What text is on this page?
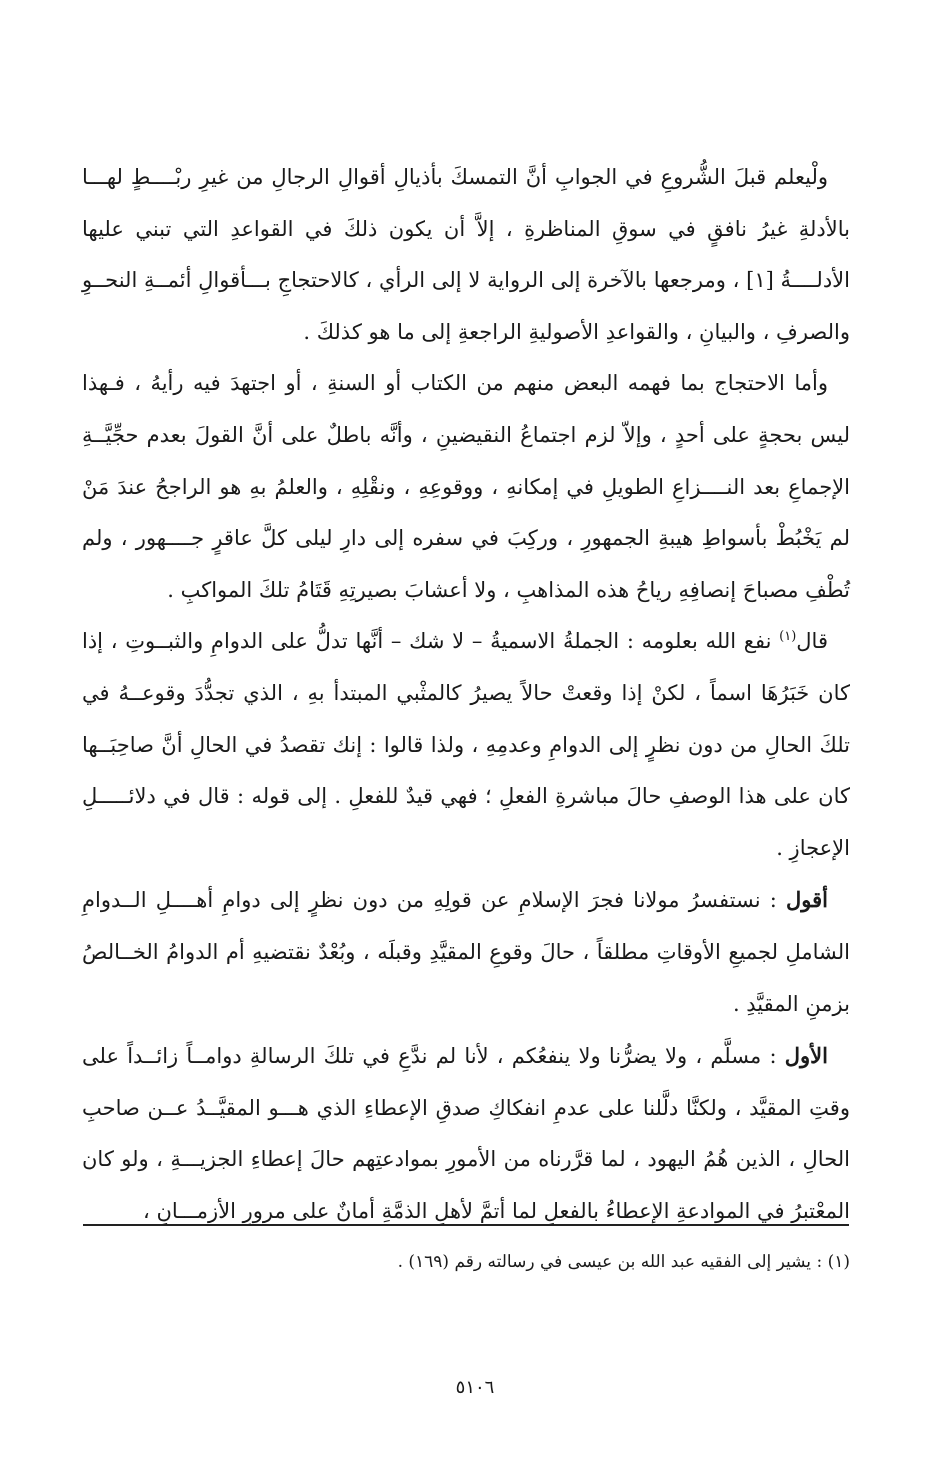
ولْيعلم قبلَ الشُّروعِ في الجوابِ أنَّ التمسكَ بأذيالِ أقوالِ الرجالِ من غيرِ ربْــــطٍ لهـــا بالأدلةِ غيرُ نافقٍ في سوقِ المناظرةِ ، إلاَّ أن يكون ذلكَ في القواعدِ التي تبني عليها الأدلــــةُ [١] ، ومرجعها بالآخرة إلى الرواية لا إلى الرأي ، كالاحتجاجِ بـــأقوالِ أئمــةِ النحــوِ والصرفِ ، والبيانِ ، والقواعدِ الأصوليةِ الراجعةِ إلى ما هو كذلكَ .

وأما الاحتجاج بما فهمه البعض منهم من الكتاب أو السنةِ ، أو اجتهدَ فيه رأيهُ ، فـهذا ليس بحجةٍ على أحدٍ ، وإلاّ لزم اجتماعُ النقيضينِ ، وأنَّه باطلٌ على أنَّ القولَ بعدم حجِّيَّــةِ الإجماعِ بعد النــــزاعِ الطويلِ في إمكانهِ ، ووقوعِهِ ، ونقْلِهِ ، والعلمُ بهِ هو الراجحُ عندَ مَنْ لم يَخْبُطْ بأسواطِ هيبةِ الجمهورِ ، وركِبَ في سفره إلى دارِ ليلى كلَّ عاقرٍ جــــهور ، ولم تُطْفِ مصباحَ إنصافِهِ رياحُ هذه المذاهبِ ، ولا أعشابَ بصيرتِهِ قَتَامُ تلكَ المواكبِ .

قال$^{(١)}$ نفع الله بعلومه : الجملةُ الاسميةُ – لا شك – أنَّها تدلُّ على الدوامِ والثبــوتِ ، إذا كان خَبَرُهَا اسماً ، لكنْ إذا وقعتْ حالاً يصيرُ كالمثْبي المبتدأ بهِ ، الذي تجدُّدَ وقوعــهُ في تلكَ الحالِ من دون نظرٍ إلى الدوامِ وعدمِهِ ، ولذا قالوا : إنك تقصدُ في الحالِ أنَّ صاحِبَــها كان على هذا الوصفِ حالَ مباشرةِ الفعلِ ؛ فهي قيدٌ للفعلِ . إلى قوله : قال في دلائـــــلِ الإعجازِ .

أقول : نستفسرُ مولانا فجرَ الإسلامِ عن قولِهِ من دون نظرٍ إلى دوامِ أهــــلِ الــدوامِ الشاملِ لجميعِ الأوقاتِ مطلقاً ، حالَ وقوعِ المقيَّدِ وقبلَه ، وبُعْدٌ نقتضيهِ أم الدوامُ الخــالصُ بزمنِ المقيَّدِ .

الأول : مسلَّم ، ولا يضرُّنا ولا ينفعُكم ، لأنا لم ندَّعِ في تلكَ الرسالةِ دوامــاً زائــداً على وقتِ المقيَّد ، ولكنَّا دلَّلنا على عدمِ انفكاكِ صدقِ الإعطاءِ الذي هـــو المقيَّــدُ عــن صاحبِ الحالِ ، الذين هُمُ اليهود ، لما قرَّرناه من الأمورِ بموادعتِهم حالَ إعطاءِ الجزيـــةِ ، ولو كان المعْتبرُ في الموادعةِ الإعطاءُ بالفعلِ لما أتمَّ لأهلِ الذمَّةِ أمانٌ على مرورِ الأزمـــانِ ،

(١) : يشير إلى الفقيه عبد الله بن عيسى في رسالته رقم (١٦٩) .

٥١٠٦
